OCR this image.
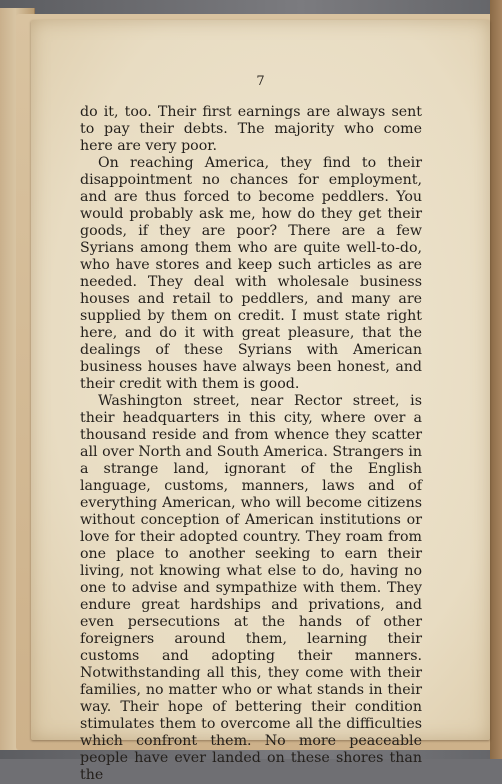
7

do it, too. Their first earnings are always sent to pay their debts. The majority who come here are very poor.

On reaching America, they find to their disappointment no chances for employment, and are thus forced to become peddlers. You would probably ask me, how do they get their goods, if they are poor? There are a few Syrians among them who are quite well-to-do, who have stores and keep such articles as are needed. They deal with wholesale business houses and retail to peddlers, and many are supplied by them on credit. I must state right here, and do it with great pleasure, that the dealings of these Syrians with American business houses have always been honest, and their credit with them is good.

Washington street, near Rector street, is their headquarters in this city, where over a thousand reside and from whence they scatter all over North and South America. Strangers in a strange land, ignorant of the English language, customs, manners, laws and of everything American, who will become citizens without conception of American institutions or love for their adopted country. They roam from one place to another seeking to earn their living, not knowing what else to do, having no one to advise and sympathize with them. They endure great hardships and privations, and even persecutions at the hands of other foreigners around them, learning their customs and adopting their manners. Notwithstanding all this, they come with their families, no matter who or what stands in their way. Their hope of bettering their condition stimulates them to overcome all the difficulties which confront them. No more peaceable people have ever landed on these shores than the
